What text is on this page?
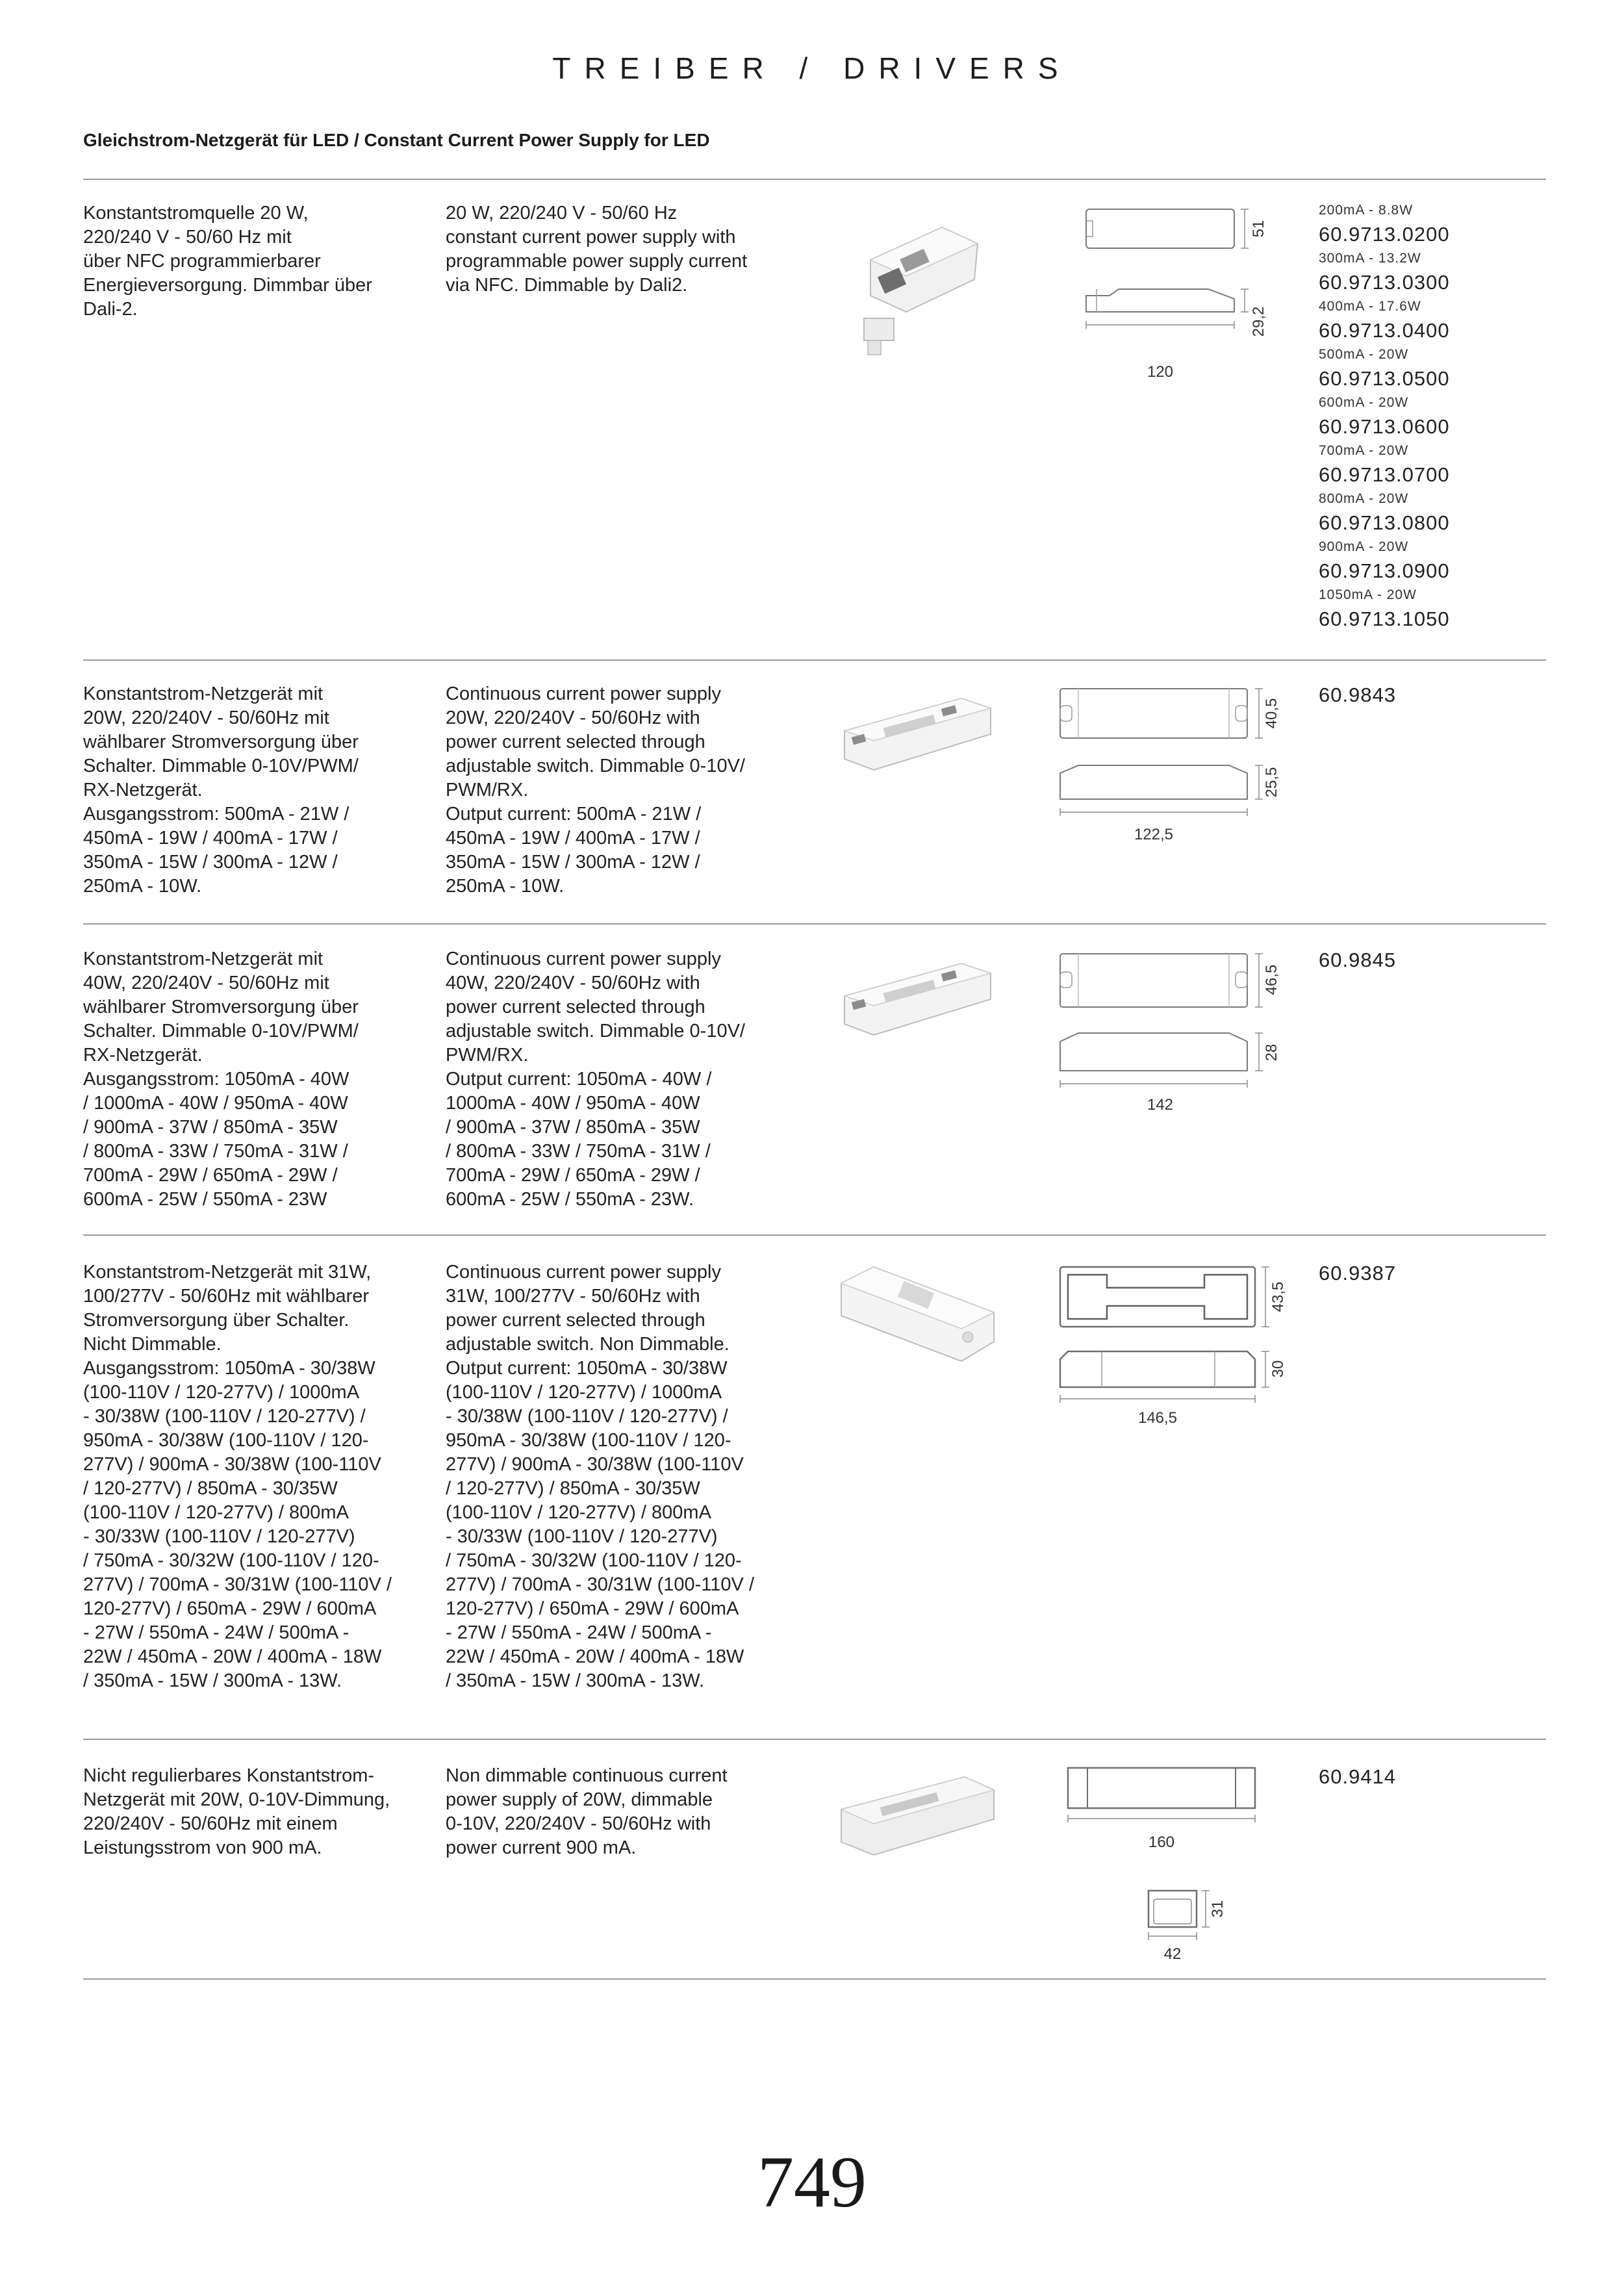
TREIBER / DRIVERS
Gleichstrom-Netzgerät für LED / Constant Current Power Supply for LED
Konstantstromquelle 20 W,
220/240 V - 50/60 Hz mit
über NFC programmierbarer
Energieversorgung. Dimmbar über
Dali-2.
20 W, 220/240 V - 50/60 Hz
constant current power supply with
programmable power supply current
via NFC. Dimmable by Dali2.
120
51
29,2
200mA - 8.8W
60.9713.0200
300mA - 13.2W
60.9713.0300
400mA - 17.6W
60.9713.0400
500mA - 20W
60.9713.0500
600mA - 20W
60.9713.0600
700mA - 20W
60.9713.0700
800mA - 20W
60.9713.0800
900mA - 20W
60.9713.0900
1050mA - 20W
60.9713.1050
Konstantstrom-Netzgerät mit
20W, 220/240V - 50/60Hz mit
wählbarer Stromversorgung über
Schalter. Dimmable 0-10V/PWM/
RX-Netzgerät.
Ausgangsstrom: 500mA - 21W /
450mA - 19W / 400mA - 17W /
350mA - 15W / 300mA - 12W /
250mA - 10W.
Continuous current power supply
20W, 220/240V - 50/60Hz with
power current selected through
adjustable switch. Dimmable 0-10V/
PWM/RX.
Output current: 500mA - 21W /
450mA - 19W / 400mA - 17W /
350mA - 15W / 300mA - 12W /
250mA - 10W.
122,5
40,5
25,5
60.9843
Konstantstrom-Netzgerät mit
40W, 220/240V - 50/60Hz mit
wählbarer Stromversorgung über
Schalter. Dimmable 0-10V/PWM/
RX-Netzgerät.
Ausgangsstrom: 1050mA - 40W
/ 1000mA - 40W / 950mA - 40W
/ 900mA - 37W / 850mA - 35W
/ 800mA - 33W / 750mA - 31W /
700mA - 29W / 650mA - 29W /
600mA - 25W / 550mA - 23W
Continuous current power supply
40W, 220/240V - 50/60Hz with
power current selected through
adjustable switch. Dimmable 0-10V/
PWM/RX.
Output current: 1050mA - 40W /
1000mA - 40W / 950mA - 40W
/ 900mA - 37W / 850mA - 35W
/ 800mA - 33W / 750mA - 31W /
700mA - 29W / 650mA - 29W /
600mA - 25W / 550mA - 23W.
142
46,5
28
60.9845
Konstantstrom-Netzgerät mit 31W,
100/277V - 50/60Hz mit wählbarer
Stromversorgung über Schalter.
Nicht Dimmable.
Ausgangsstrom: 1050mA - 30/38W
(100-110V / 120-277V) / 1000mA
- 30/38W (100-110V / 120-277V) /
950mA - 30/38W (100-110V / 120-
277V) / 900mA - 30/38W (100-110V
/ 120-277V) / 850mA - 30/35W
(100-110V / 120-277V) / 800mA
- 30/33W (100-110V / 120-277V)
/ 750mA - 30/32W (100-110V / 120-
277V) / 700mA - 30/31W (100-110V /
120-277V) / 650mA - 29W / 600mA
- 27W / 550mA - 24W / 500mA -
22W / 450mA - 20W / 400mA - 18W
/ 350mA - 15W / 300mA - 13W.
Continuous current power supply
31W, 100/277V - 50/60Hz with
power current selected through
adjustable switch. Non Dimmable.
Output current: 1050mA - 30/38W
(100-110V / 120-277V) / 1000mA
- 30/38W (100-110V / 120-277V) /
950mA - 30/38W (100-110V / 120-
277V) / 900mA - 30/38W (100-110V
/ 120-277V) / 850mA - 30/35W
(100-110V / 120-277V) / 800mA
- 30/33W (100-110V / 120-277V)
/ 750mA - 30/32W (100-110V / 120-
277V) / 700mA - 30/31W (100-110V /
120-277V) / 650mA - 29W / 600mA
- 27W / 550mA - 24W / 500mA -
22W / 450mA - 20W / 400mA - 18W
/ 350mA - 15W / 300mA - 13W.
146,5
43,5
30
60.9387
Nicht regulierbares Konstantstrom-
Netzgerät mit 20W, 0-10V-Dimmung,
220/240V - 50/60Hz mit einem
Leistungsstrom von 900 mA.
Non dimmable continuous current
power supply of 20W, dimmable
0-10V, 220/240V - 50/60Hz with
power current 900 mA.	160
42
31
60.9414
749
